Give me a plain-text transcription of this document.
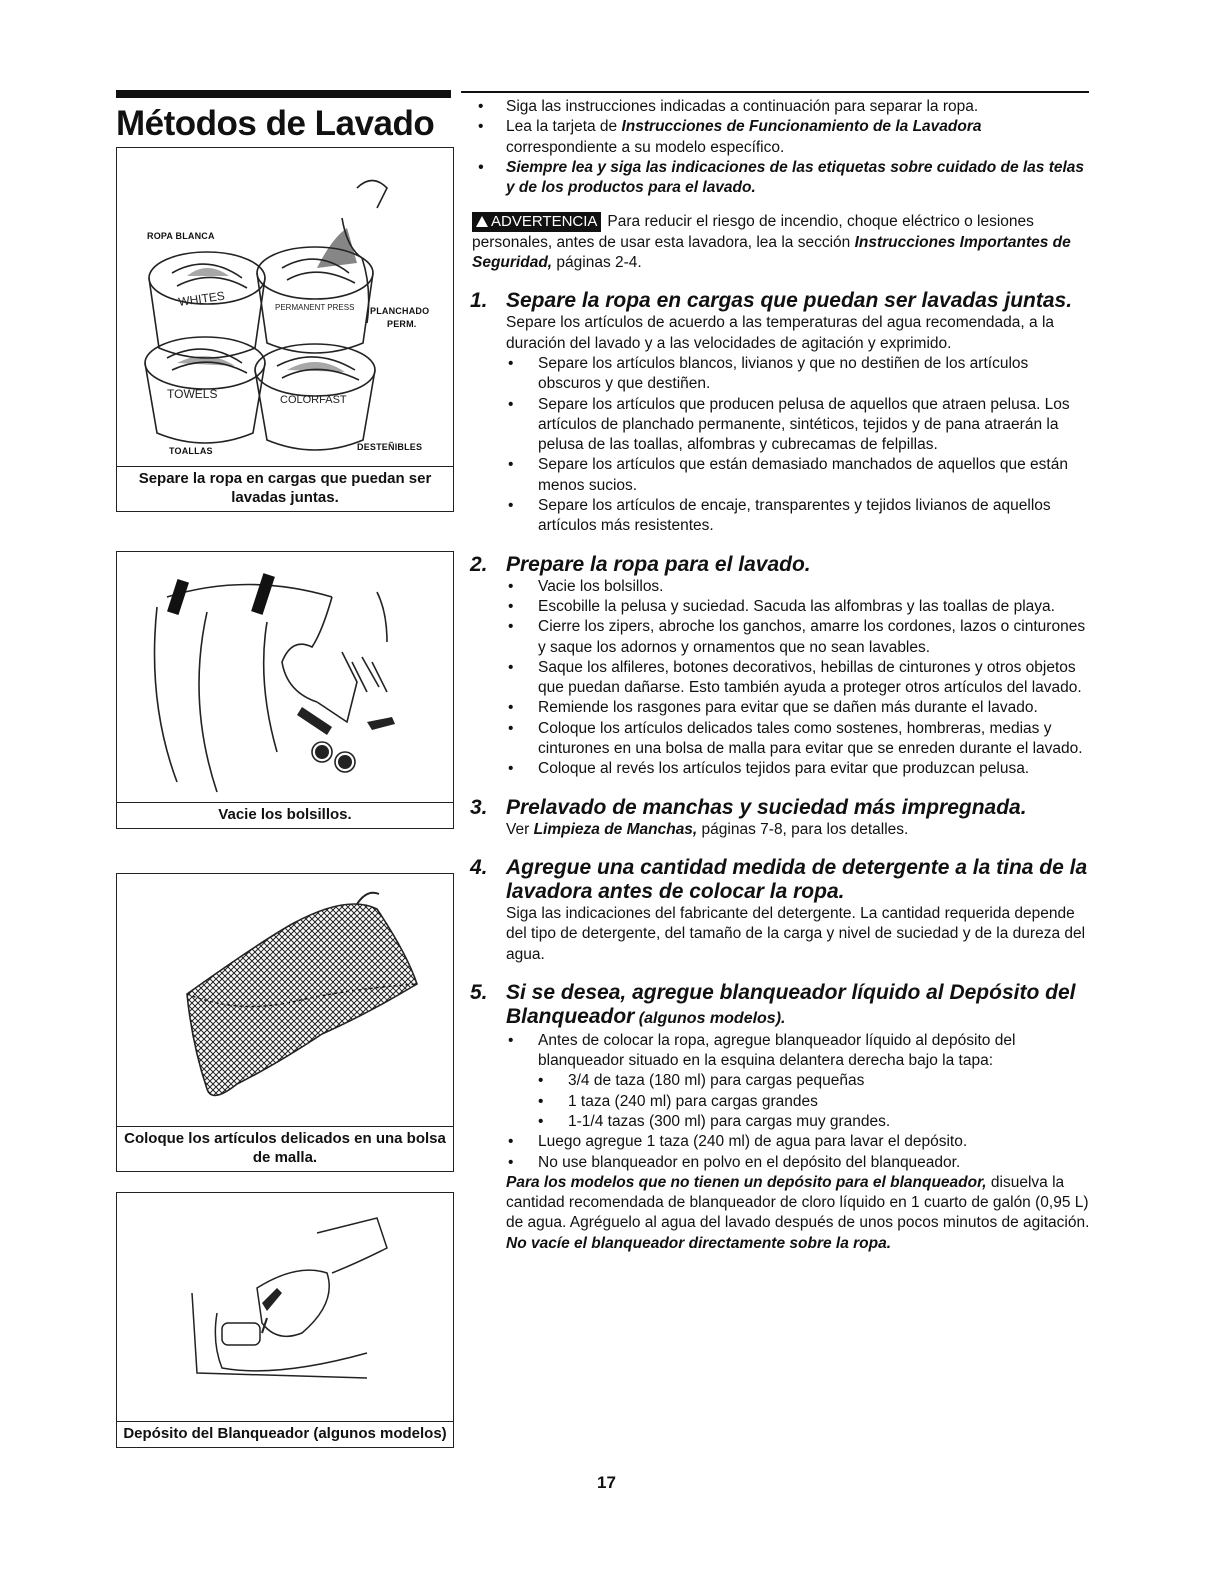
Métodos de Lavado
WHITES	PERMANENT PRESS
TOWELS	COLORFAST
ROPA BLANCA
PLANCHADO
PERM.
TOALLAS	DESTEÑIBLES
Separe la ropa en cargas que puedan ser lavadas juntas.
Vacie los bolsillos.
Coloque los artículos delicados en una bolsa de malla.
Depósito del Blanqueador (algunos modelos)

• Siga las instrucciones indicadas a continuación para separar la ropa.

• Lea la tarjeta de Instrucciones de Funcionamiento de la Lavadora correspondiente a su modelo específico.

• Siempre lea y siga las indicaciones de las etiquetas sobre cuidado de las telas y de los productos para el lavado.

ADVERTENCIA Para reducir el riesgo de incendio, choque eléctrico o lesiones personales, antes de usar esta lavadora, lea la sección Instrucciones Importantes de Seguridad, páginas 2-4.

1. Separe la ropa en cargas que puedan ser lavadas juntas.

Separe los artículos de acuerdo a las temperaturas del agua recomendada, a la duración del lavado y a las velocidades de agitación y exprimido.

• Separe los artículos blancos, livianos y que no destiñen de los artículos obscuros y que destiñen.

• Separe los artículos que producen pelusa de aquellos que atraen pelusa. Los artículos de planchado permanente, sintéticos, tejidos y de pana atraerán la pelusa de las toallas, alfombras y cubrecamas de felpillas.

• Separe los artículos que están demasiado manchados de aquellos que están menos sucios.

• Separe los artículos de encaje, transparentes y tejidos livianos de aquellos artículos más resistentes.

2. Prepare la ropa para el lavado.

• Vacie los bolsillos.

• Escobille la pelusa y suciedad. Sacuda las alfombras y las toallas de playa.

• Cierre los zipers, abroche los ganchos, amarre los cordones, lazos o cinturones y saque los adornos y ornamentos que no sean lavables.

• Saque los alfileres, botones decorativos, hebillas de cinturones y otros objetos que puedan dañarse. Esto también ayuda a proteger otros artículos del lavado.

• Remiende los rasgones para evitar que se dañen más durante el lavado.

• Coloque los artículos delicados tales como sostenes, hombreras, medias y cinturones en una bolsa de malla para evitar que se enreden durante el lavado.

• Coloque al revés los artículos tejidos para evitar que produzcan pelusa.

3. Prelavado de manchas y suciedad más impregnada.

Ver Limpieza de Manchas, páginas 7-8, para los detalles.

4. Agregue una cantidad medida de detergente a la tina de la lavadora antes de colocar la ropa.

Siga las indicaciones del fabricante del detergente. La cantidad requerida depende del tipo de detergente, del tamaño de la carga y nivel de suciedad y de la dureza del agua.

5. Si se desea, agregue blanqueador líquido al Depósito del Blanqueador (algunos modelos).

• Antes de colocar la ropa, agregue blanqueador líquido al depósito del blanqueador situado en la esquina delantera derecha bajo la tapa:

• 3/4 de taza (180 ml) para cargas pequeñas

• 1 taza (240 ml) para cargas grandes

• 1-1/4 tazas (300 ml) para cargas muy grandes.

• Luego agregue 1 taza (240 ml) de agua para lavar el depósito.

• No use blanqueador en polvo en el depósito del blanqueador.

Para los modelos que no tienen un depósito para el blanqueador, disuelva la cantidad recomendada de blanqueador de cloro líquido en 1 cuarto de galón (0,95 L) de agua. Agréguelo al agua del lavado después de unos pocos minutos de agitación. No vacíe el blanqueador directamente sobre la ropa.

17
